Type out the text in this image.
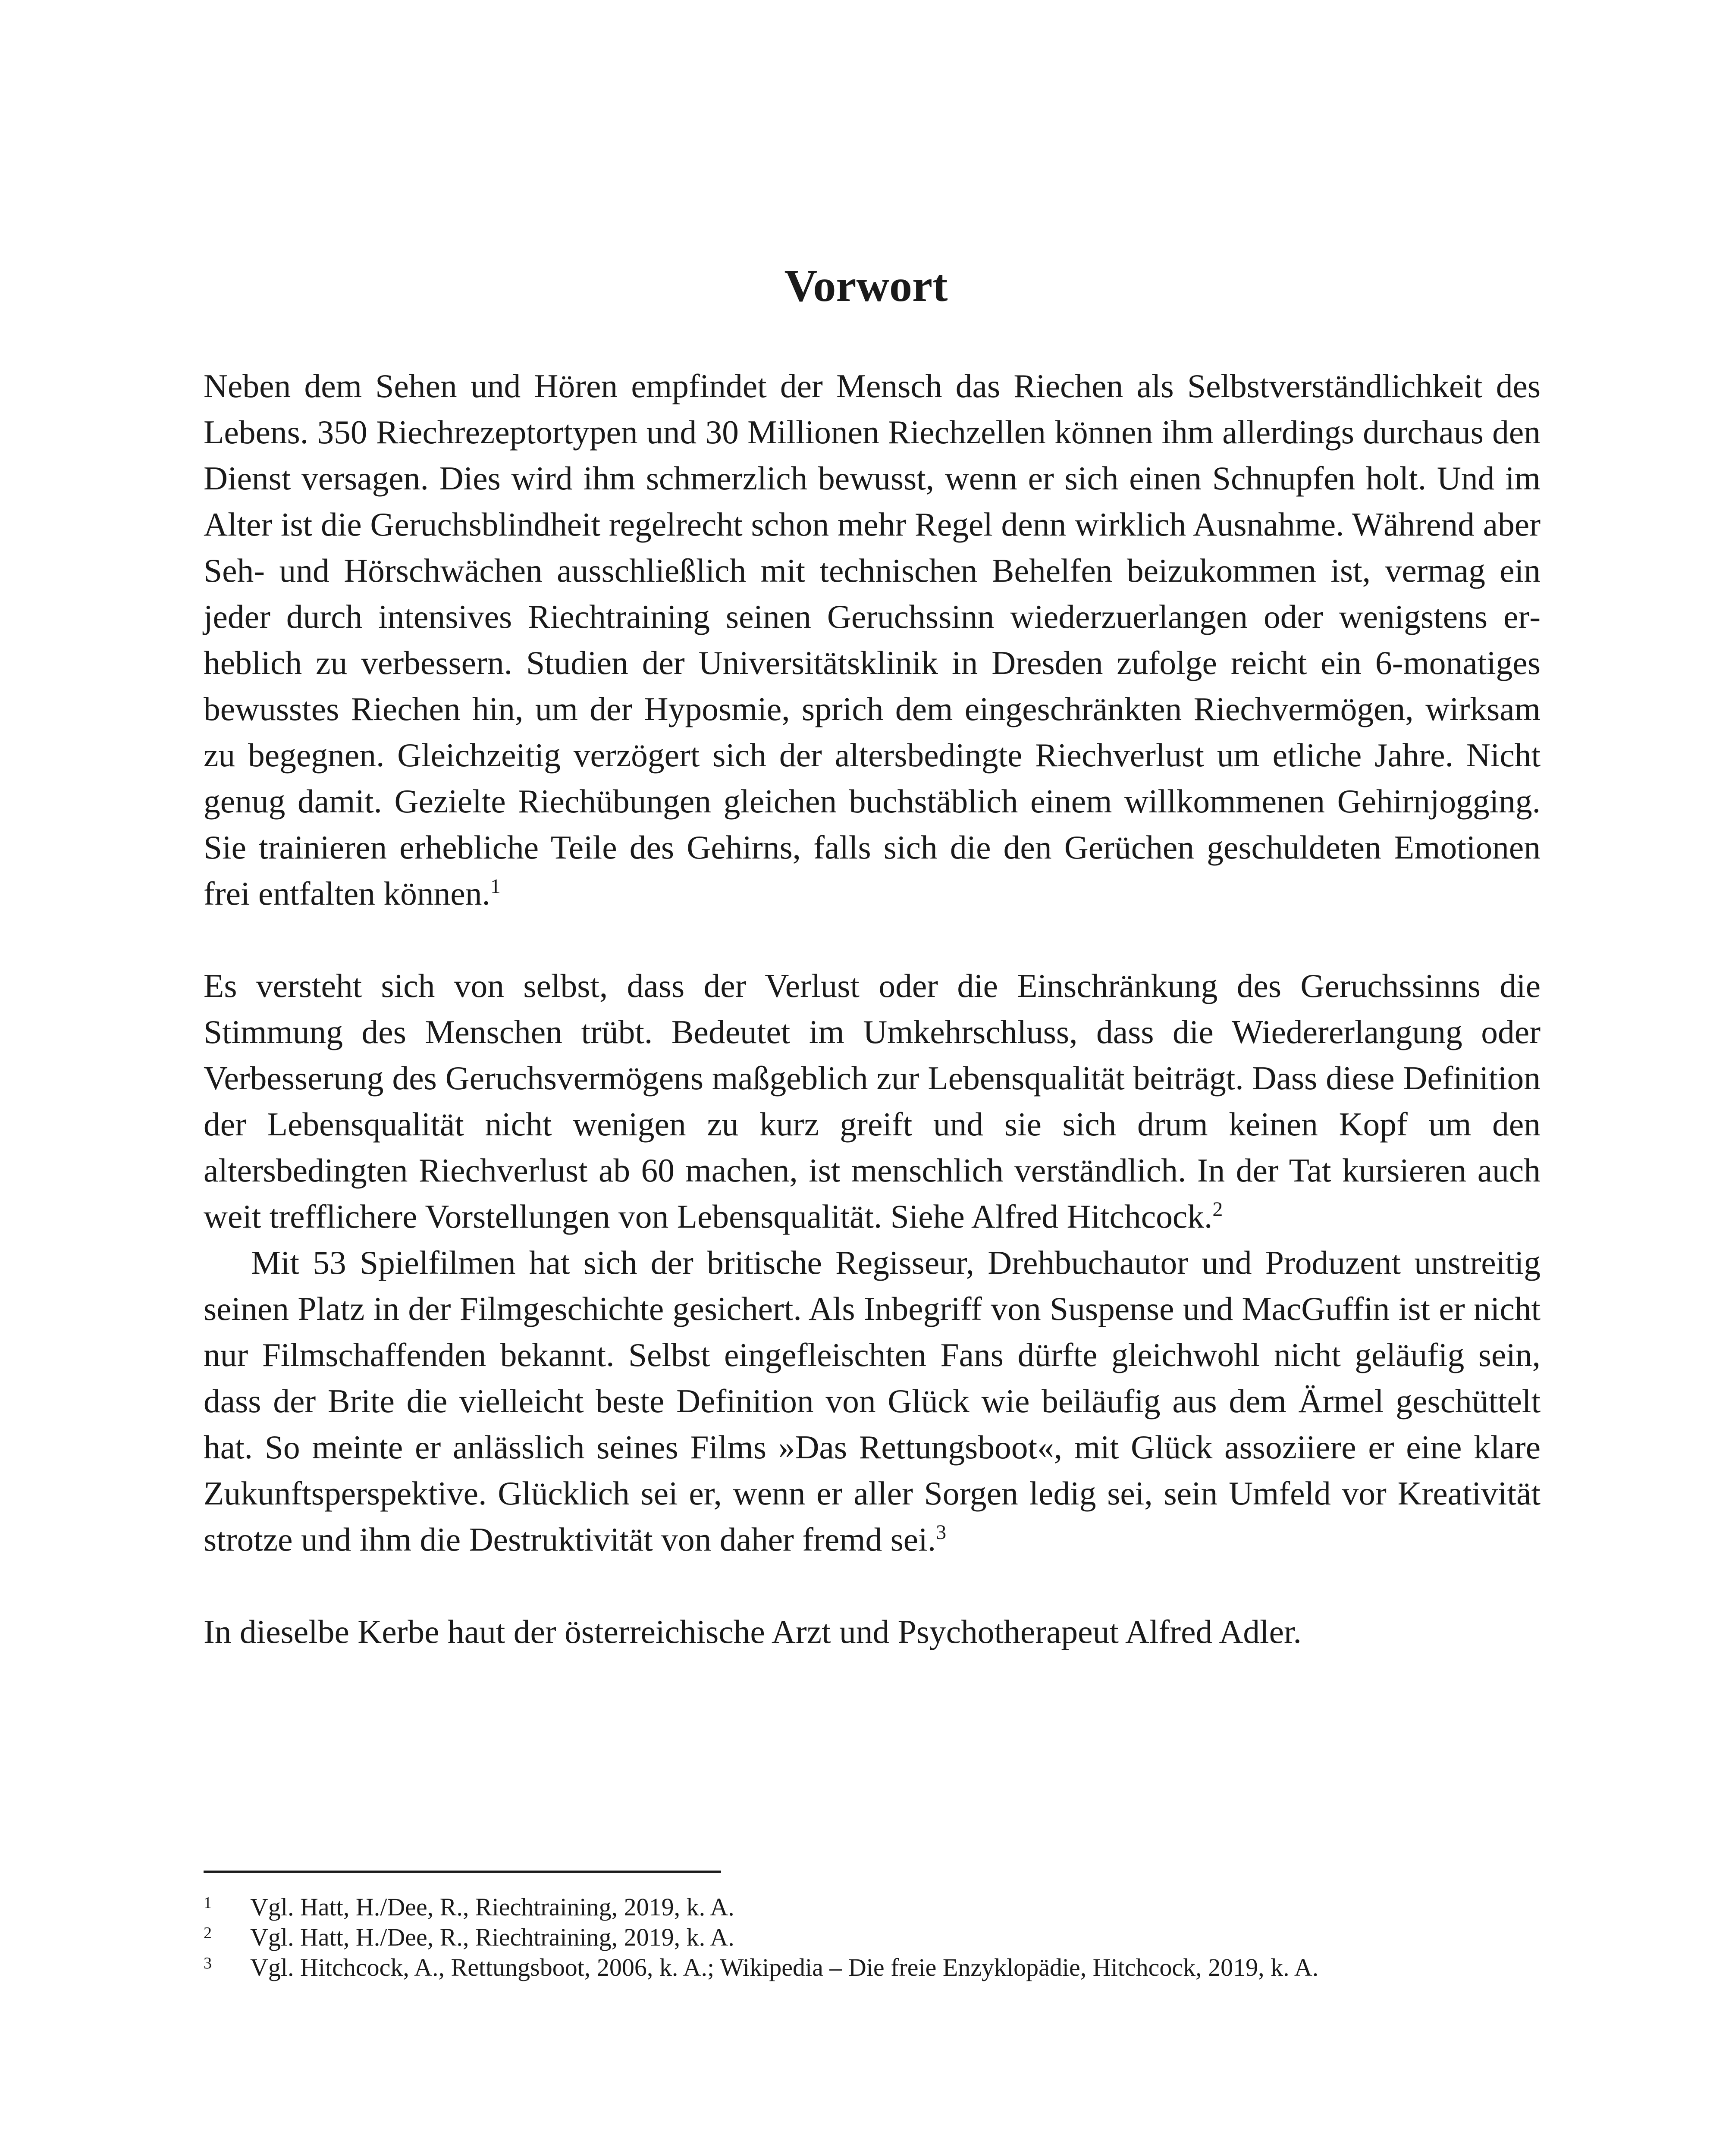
Vorwort

Neben dem Sehen und Hören empfindet der Mensch das Riechen als Selbstverständlichkeit des Lebens. 350 Riechrezeptortypen und 30 Millionen Riechzellen können ihm allerdings durchaus den Dienst versagen. Dies wird ihm schmerzlich bewusst, wenn er sich einen Schnupfen holt. Und im Alter ist die Geruchsblindheit regelrecht schon mehr Regel denn wirklich Ausnahme. Während aber Seh- und Hörschwächen ausschließlich mit technischen Behelfen beizukommen ist, vermag ein jeder durch intensives Riechtraining seinen Geruchssinn wiederzuerlangen oder wenigstens erheblich zu verbessern. Studien der Universitätsklinik in Dresden zufolge reicht ein 6-monatiges bewusstes Riechen hin, um der Hyposmie, sprich dem eingeschränkten Riechvermögen, wirksam zu begegnen. Gleichzeitig verzögert sich der altersbedingte Riechverlust um etliche Jahre. Nicht genug damit. Gezielte Riechübungen gleichen buchstäblich einem willkommenen Gehirnjogging. Sie trainieren erhebliche Teile des Gehirns, falls sich die den Gerüchen geschuldeten Emotionen frei entfalten können.$^1$

Es versteht sich von selbst, dass der Verlust oder die Einschränkung des Geruchssinns die Stimmung des Menschen trübt. Bedeutet im Umkehrschluss, dass die Wiedererlangung oder Verbesserung des Geruchsvermögens maßgeblich zur Lebensqualität beiträgt. Dass diese Definition der Lebensqualität nicht wenigen zu kurz greift und sie sich drum keinen Kopf um den altersbedingten Riechverlust ab 60 machen, ist menschlich verständlich. In der Tat kursieren auch weit trefflichere Vorstellungen von Lebensqualität. Siehe Alfred Hitchcock.$^2$

Mit 53 Spielfilmen hat sich der britische Regisseur, Drehbuchautor und Produzent unstreitig seinen Platz in der Filmgeschichte gesichert. Als Inbegriff von Suspense und MacGuffin ist er nicht nur Filmschaffenden bekannt. Selbst eingefleischten Fans dürfte gleichwohl nicht geläufig sein, dass der Brite die vielleicht beste Definition von Glück wie beiläufig aus dem Ärmel geschüttelt hat. So meinte er anlässlich seines Films »Das Rettungsboot«, mit Glück assoziiere er eine klare Zukunftsperspektive. Glücklich sei er, wenn er aller Sorgen ledig sei, sein Umfeld vor Kreativität strotze und ihm die Destruktivität von daher fremd sei.$^3$

In dieselbe Kerbe haut der österreichische Arzt und Psychotherapeut Alfred Adler.

1	Vgl. Hatt, H./Dee, R., Riechtraining, 2019, k. A.
2	Vgl. Hatt, H./Dee, R., Riechtraining, 2019, k. A.
3	Vgl. Hitchcock, A., Rettungsboot, 2006, k. A.; Wikipedia – Die freie Enzyklopädie, Hitchcock, 2019, k. A.
